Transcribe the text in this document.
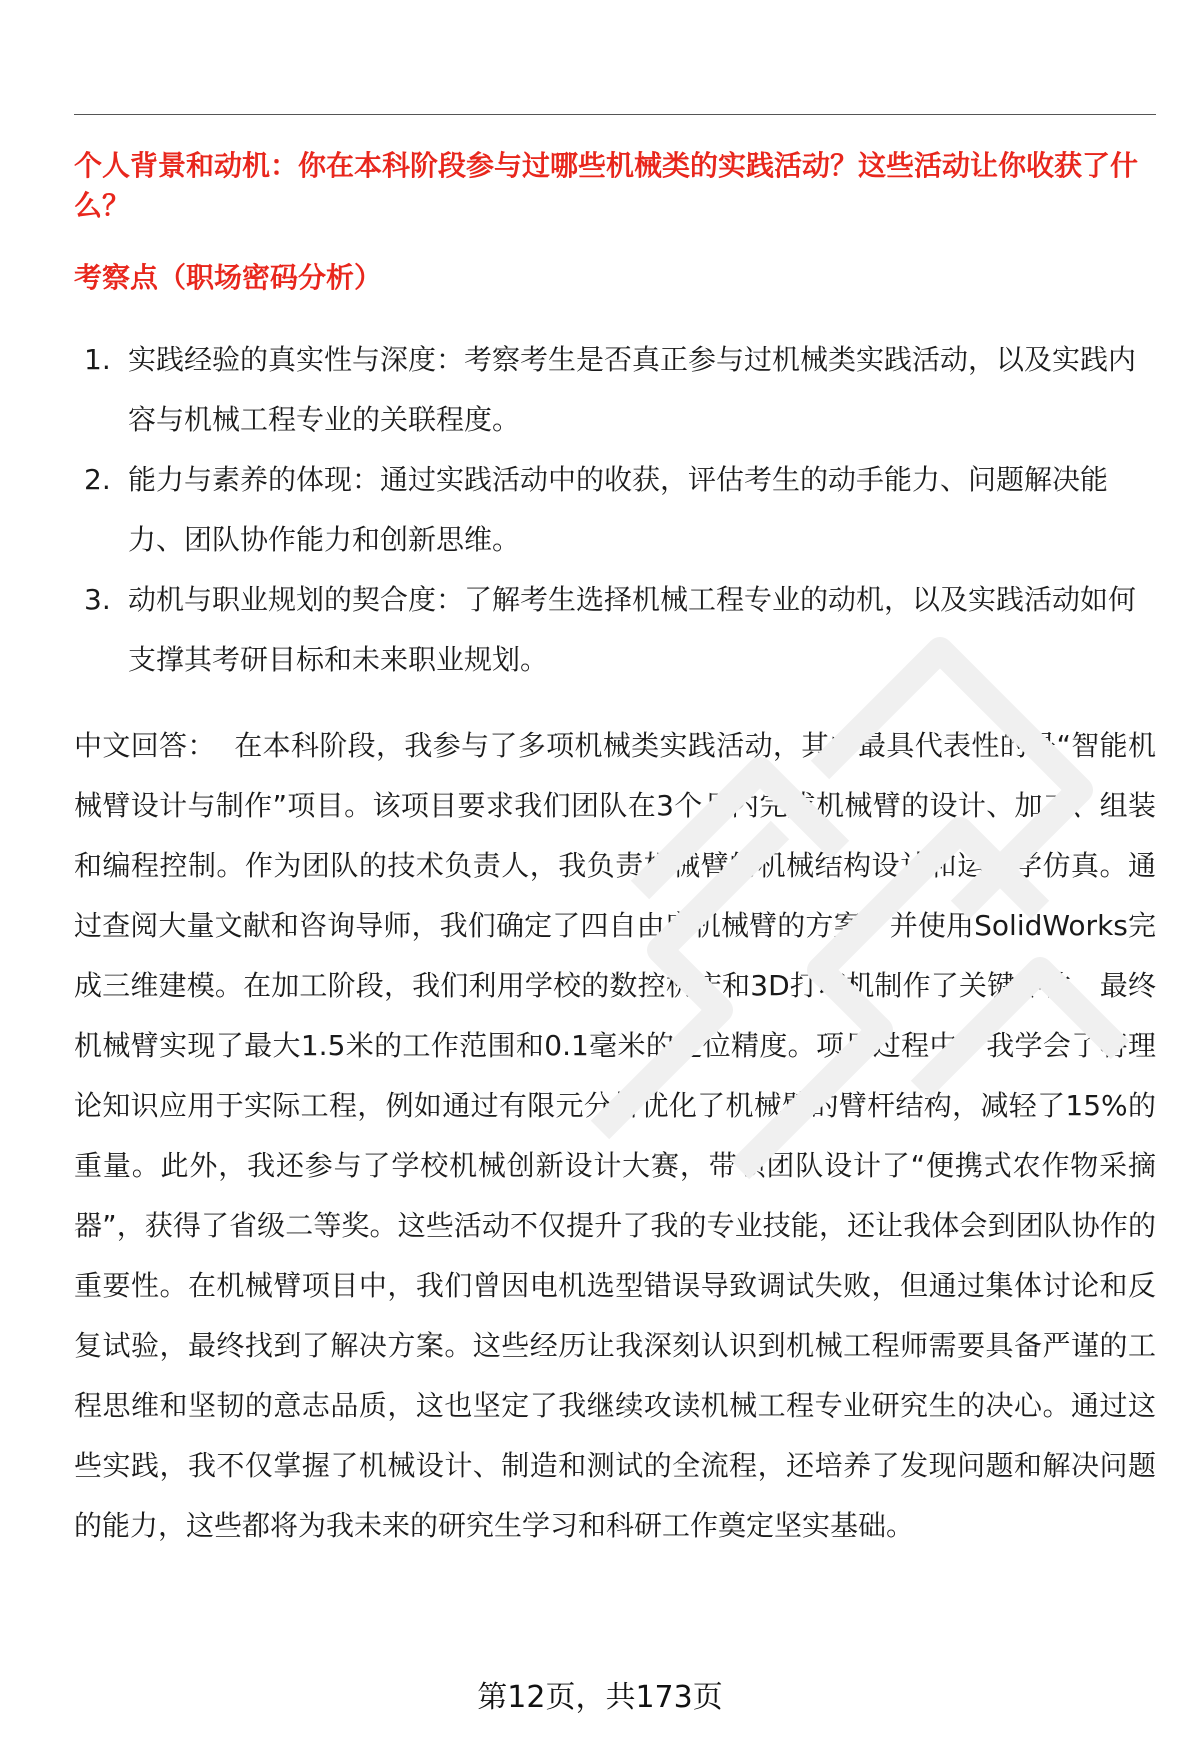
个人背景和动机：你在本科阶段参与过哪些机械类的实践活动？这些活动让你收获了什么？
考察点（职场密码分析）
1. 实践经验的真实性与深度：考察考生是否真正参与过机械类实践活动，以及实践内容与机械工程专业的关联程度。
2. 能力与素养的体现：通过实践活动中的收获，评估考生的动手能力、问题解决能力、团队协作能力和创新思维。
3. 动机与职业规划的契合度：了解考生选择机械工程专业的动机，以及实践活动如何支撑其考研目标和未来职业规划。

中文回答： 在本科阶段，我参与了多项机械类实践活动，其中最具代表性的是“智能机械臂设计与制作”项目。该项目要求我们团队在3个月内完成机械臂的设计、加工、组装和编程控制。作为团队的技术负责人，我负责机械臂的机械结构设计和运动学仿真。通过查阅大量文献和咨询导师，我们确定了四自由度机械臂的方案，并使用SolidWorks完成三维建模。在加工阶段，我们利用学校的数控机床和3D打印机制作了关键零件，最终机械臂实现了最大1.5米的工作范围和0.1毫米的定位精度。项目过程中，我学会了将理论知识应用于实际工程，例如通过有限元分析优化了机械臂的臂杆结构，减轻了15%的重量。此外，我还参与了学校机械创新设计大赛，带领团队设计了“便携式农作物采摘器”，获得了省级二等奖。这些活动不仅提升了我的专业技能，还让我体会到团队协作的重要性。在机械臂项目中，我们曾因电机选型错误导致调试失败，但通过集体讨论和反复试验，最终找到了解决方案。这些经历让我深刻认识到机械工程师需要具备严谨的工程思维和坚韧的意志品质，这也坚定了我继续攻读机械工程专业研究生的决心。通过这些实践，我不仅掌握了机械设计、制造和测试的全流程，还培养了发现问题和解决问题的能力，这些都将为我未来的研究生学习和科研工作奠定坚实基础。

第12页，共173页
